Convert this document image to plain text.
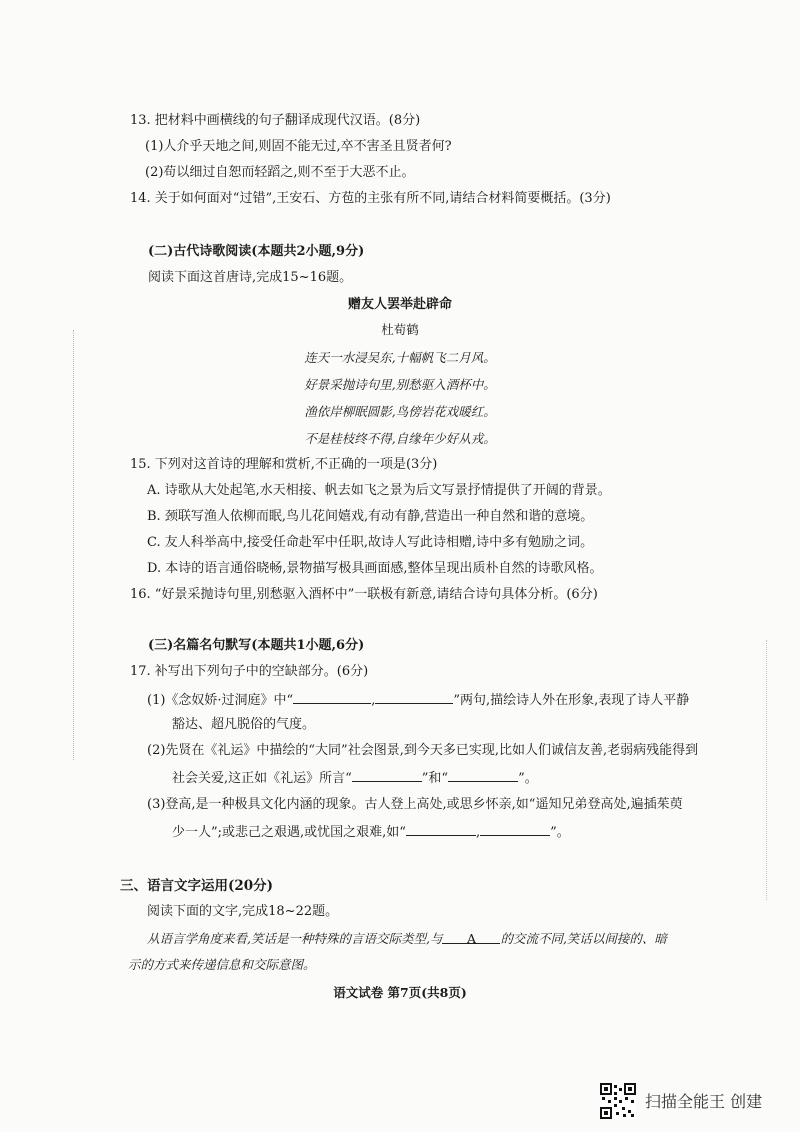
13. 把材料中画横线的句子翻译成现代汉语。(8分)
(1)人介乎天地之间,则固不能无过,卒不害圣且贤者何?
(2)苟以细过自恕而轻蹈之,则不至于大恶不止。
14. 关于如何面对“过错”,王安石、方苞的主张有所不同,请结合材料简要概括。(3分)
(二)古代诗歌阅读(本题共2小题,9分)
阅读下面这首唐诗,完成15~16题。
赠友人罢举赴辟命
杜荀鹤
连天一水浸吴东,十幅帆飞二月风。
好景采抛诗句里,别愁驱入酒杯中。
渔依岸柳眠圆影,鸟傍岩花戏暖红。
不是桂枝终不得,自缘年少好从戎。
15. 下列对这首诗的理解和赏析,不正确的一项是(3分)
A. 诗歌从大处起笔,水天相接、帆去如飞之景为后文写景抒情提供了开阔的背景。
B. 颈联写渔人依柳而眠,鸟儿花间嬉戏,有动有静,营造出一种自然和谐的意境。
C. 友人科举高中,接受任命赴军中任职,故诗人写此诗相赠,诗中多有勉励之词。
D. 本诗的语言通俗晓畅,景物描写极具画面感,整体呈现出质朴自然的诗歌风格。
16. “好景采抛诗句里,别愁驱入酒杯中”一联极有新意,请结合诗句具体分析。(6分)
(三)名篇名句默写(本题共1小题,6分)
17. 补写出下列句子中的空缺部分。(6分)
(1)《念奴娇·过洞庭》中“	,	”两句,描绘诗人外在形象,表现了诗人平静
豁达、超凡脱俗的气度。
(2)先贤在《礼运》中描绘的“大同”社会图景,到今天多已实现,比如人们诚信友善,老弱病残能得到
社会关爱,这正如《礼运》所言“	”和“	”。
(3)登高,是一种极具文化内涵的现象。古人登上高处,或思乡怀亲,如“遥知兄弟登高处,遍插茱萸
少一人”;或悲己之艰遇,或忧国之艰难,如“	,	”。
三、语言文字运用(20分)
阅读下面的文字,完成18~22题。
从语言学角度来看,笑话是一种特殊的言语交际类型,与 A 的交流不同,笑话以间接的、暗
示的方式来传递信息和交际意图。
语文试卷 第7页(共8页)
扫描全能王 创建
